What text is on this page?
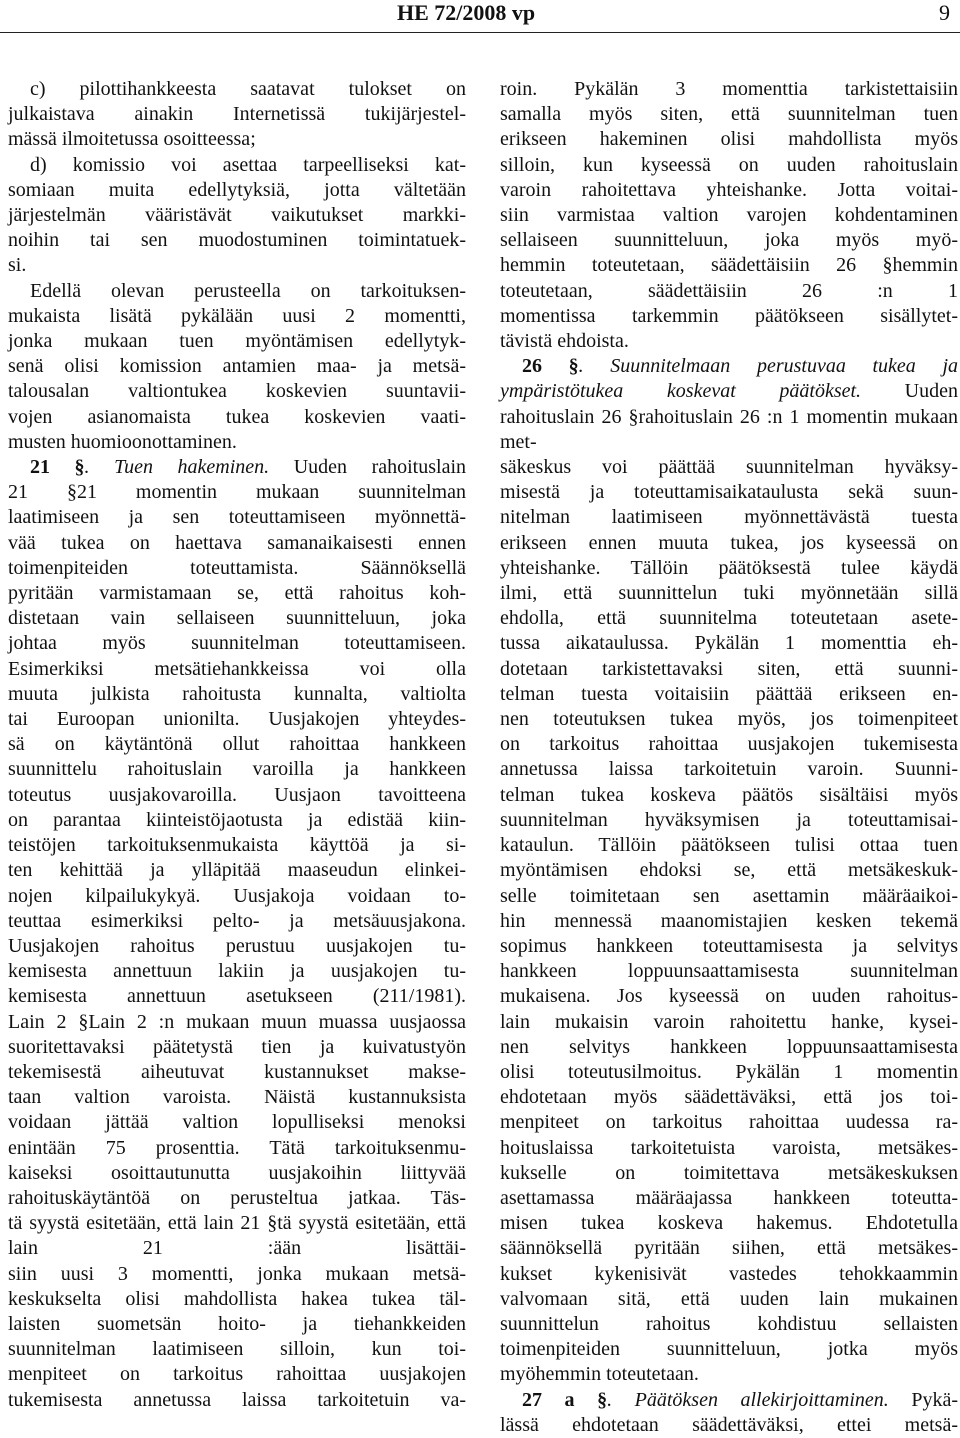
HE 72/2008 vp	9

c) pilottihankkeesta saatavat tulokset on

julkaistava ainakin Internetissä tukijärjestel-

mässä ilmoitetussa osoitteessa;

d) komissio voi asettaa tarpeelliseksi kat-

somiaan muita edellytyksiä, jotta vältetään

järjestelmän vääristävät vaikutukset markki-

noihin tai sen muodostuminen toimintatuek-

si.

Edellä olevan perusteella on tarkoituksen-

mukaista lisätä pykälään uusi 2 momentti,

jonka mukaan tuen myöntämisen edellytyk-

senä olisi komission antamien maa- ja metsä-

talousalan valtiontukea koskevien suuntavii-

vojen asianomaista tukea koskevien vaati-

musten huomioonottaminen.

21 §. Tuen hakeminen. Uuden rahoituslain

21 §21 momentin mukaan suunnitelman

laatimiseen ja sen toteuttamiseen myönnettä-

vää tukea on haettava samanaikaisesti ennen

toimenpiteiden toteuttamista. Säännöksellä

pyritään varmistamaan se, että rahoitus koh-

distetaan vain sellaiseen suunnitteluun, joka

johtaa myös suunnitelman toteuttamiseen.

Esimerkiksi metsätiehankkeissa voi olla

muuta julkista rahoitusta kunnalta, valtiolta

tai Euroopan unionilta. Uusjakojen yhteydes-

sä on käytäntönä ollut rahoittaa hankkeen

suunnittelu rahoituslain varoilla ja hankkeen

toteutus uusjakovaroilla. Uusjaon tavoitteena

on parantaa kiinteistöjaotusta ja edistää kiin-

teistöjen tarkoituksenmukaista käyttöä ja si-

ten kehittää ja ylläpitää maaseudun elinkei-

nojen kilpailukykyä. Uusjakoja voidaan to-

teuttaa esimerkiksi pelto- ja metsäuusjakona.

Uusjakojen rahoitus perustuu uusjakojen tu-

kemisesta annettuun lakiin ja uusjakojen tu-

kemisesta annettuun asetukseen (211/1981).

Lain 2 §Lain 2 :n mukaan muun muassa uusjaossa

suoritettavaksi päätetystä tien ja kuivatustyön

tekemisestä aiheutuvat kustannukset makse-

taan valtion varoista. Näistä kustannuksista

voidaan jättää valtion lopulliseksi menoksi

enintään 75 prosenttia. Tätä tarkoituksenmu-

kaiseksi osoittautunutta uusjakoihin liittyvää

rahoituskäytäntöä on perusteltua jatkaa. Täs-

tä syystä esitetään, että lain 21 §tä syystä esitetään, että lain 21 :ään lisättäi-

siin uusi 3 momentti, jonka mukaan metsä-

keskukselta olisi mahdollista hakea tukea täl-

laisten suometsän hoito- ja tiehankkeiden

suunnitelman laatimiseen silloin, kun toi-

menpiteet on tarkoitus rahoittaa uusjakojen

tukemisesta annetussa laissa tarkoitetuin va-

roin. Pykälän 3 momenttia tarkistettaisiin

samalla myös siten, että suunnitelman tuen

erikseen hakeminen olisi mahdollista myös

silloin, kun kyseessä on uuden rahoituslain

varoin rahoitettava yhteishanke. Jotta voitai-

siin varmistaa valtion varojen kohdentaminen

sellaiseen suunnitteluun, joka myös myö-

hemmin toteutetaan, säädettäisiin 26 §hemmin toteutetaan, säädettäisiin 26 :n 1

momentissa tarkemmin päätökseen sisällytet-

tävistä ehdoista.

26 §. Suunnitelmaan perustuvaa tukea ja

ympäristötukea koskevat päätökset. Uuden

rahoituslain 26 §rahoituslain 26 :n 1 momentin mukaan met-

säkeskus voi päättää suunnitelman hyväksy-

misestä ja toteuttamisaikataulusta sekä suun-

nitelman laatimiseen myönnettävästä tuesta

erikseen ennen muuta tukea, jos kyseessä on

yhteishanke. Tällöin päätöksestä tulee käydä

ilmi, että suunnittelun tuki myönnetään sillä

ehdolla, että suunnitelma toteutetaan asete-

tussa aikataulussa. Pykälän 1 momenttia eh-

dotetaan tarkistettavaksi siten, että suunni-

telman tuesta voitaisiin päättää erikseen en-

nen toteutuksen tukea myös, jos toimenpiteet

on tarkoitus rahoittaa uusjakojen tukemisesta

annetussa laissa tarkoitetuin varoin. Suunni-

telman tukea koskeva päätös sisältäisi myös

suunnitelman hyväksymisen ja toteuttamisai-

kataulun. Tällöin päätökseen tulisi ottaa tuen

myöntämisen ehdoksi se, että metsäkeskuk-

selle toimitetaan sen asettamin määräaikoi-

hin mennessä maanomistajien kesken tekemä

sopimus hankkeen toteuttamisesta ja selvitys

hankkeen loppuunsaattamisesta suunnitelman

mukaisena. Jos kyseessä on uuden rahoitus-

lain mukaisin varoin rahoitettu hanke, kysei-

nen selvitys hankkeen loppuunsaattamisesta

olisi toteutusilmoitus. Pykälän 1 momentin

ehdotetaan myös säädettäväksi, että jos toi-

menpiteet on tarkoitus rahoittaa uudessa ra-

hoituslaissa tarkoitetuista varoista, metsäkes-

kukselle on toimitettava metsäkeskuksen

asettamassa määräajassa hankkeen toteutta-

misen tukea koskeva hakemus. Ehdotetulla

säännöksellä pyritään siihen, että metsäkes-

kukset kykenisivät vastedes tehokkaammin

valvomaan sitä, että uuden lain mukainen

suunnittelun rahoitus kohdistuu sellaisten

toimenpiteiden suunnitteluun, jotka myös

myöhemmin toteutetaan.

27 a §. Päätöksen allekirjoittaminen. Pykä-

lässä ehdotetaan säädettäväksi, ettei metsä-
